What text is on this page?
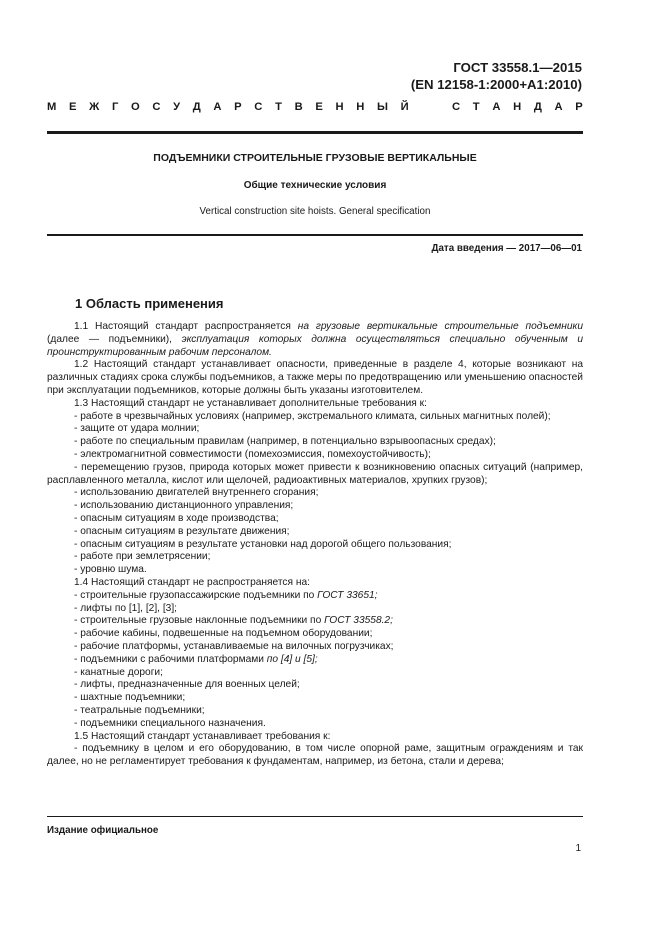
ГОСТ 33558.1—2015
(EN 12158-1:2000+A1:2010)
М Е Ж Г О С У Д А Р С Т В Е Н Н Ы Й	С Т А Н Д А Р
ПОДЪЕМНИКИ СТРОИТЕЛЬНЫЕ ГРУЗОВЫЕ ВЕРТИКАЛЬНЫЕ
Общие технические условия
Vertical construction site hoists. General specification
Дата введения — 2017—06—01
1 Область применения

1.1 Настоящий стандарт распространяется на грузовые вертикальные строительные подъемники (далее — подъемники), эксплуатация которых должна осуществляться специально обученным и проинструктированным рабочим персоналом.

1.2 Настоящий стандарт устанавливает опасности, приведенные в разделе 4, которые возникают на различных стадиях срока службы подъемников, а также меры по предотвращению или уменьшению опасностей при эксплуатации подъемников, которые должны быть указаны изготовителем.

1.3 Настоящий стандарт не устанавливает дополнительные требования к:

- работе в чрезвычайных условиях (например, экстремального климата, сильных магнитных полей);

- защите от удара молнии;

- работе по специальным правилам (например, в потенциально взрывоопасных средах);

- электромагнитной совместимости (помехоэмиссия, помехоустойчивость);

- перемещению грузов, природа которых может привести к возникновению опасных ситуаций (например, расплавленного металла, кислот или щелочей, радиоактивных материалов, хрупких грузов);

- использованию двигателей внутреннего сгорания;

- использованию дистанционного управления;

- опасным ситуациям в ходе производства;

- опасным ситуациям в результате движения;

- опасным ситуациям в результате установки над дорогой общего пользования;

- работе при землетрясении;

- уровню шума.

1.4 Настоящий стандарт не распространяется на:

- строительные грузопассажирские подъемники по ГОСТ 33651;

- лифты по [1], [2], [3];

- строительные грузовые наклонные подъемники по ГОСТ 33558.2;

- рабочие кабины, подвешенные на подъемном оборудовании;

- рабочие платформы, устанавливаемые на вилочных погрузчиках;

- подъемники с рабочими платформами по [4] и [5];

- канатные дороги;

- лифты, предназначенные для военных целей;

- шахтные подъемники;

- театральные подъемники;

- подъемники специального назначения.

1.5 Настоящий стандарт устанавливает требования к:

- подъемнику в целом и его оборудованию, в том числе опорной раме, защитным ограждениям и так далее, но не регламентирует требования к фундаментам, например, из бетона, стали и дерева;

Издание официальное
1
